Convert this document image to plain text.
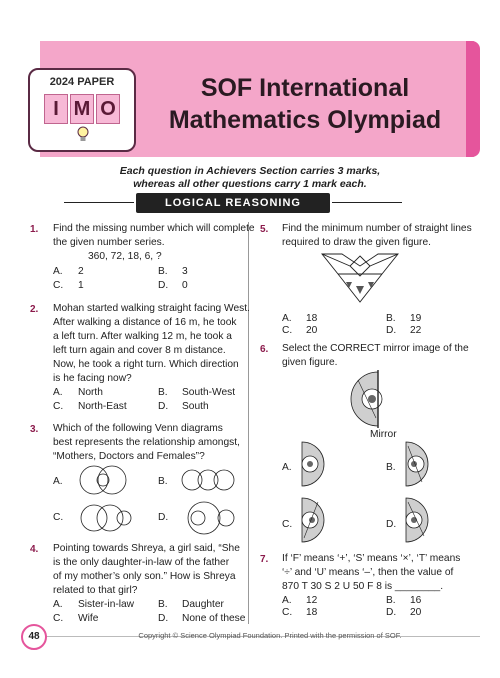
2024 PAPER
I M O
SOF International
Mathematics Olympiad
Each question in Achievers Section carries 3 marks,
whereas all other questions carry 1 mark each.
LOGICAL REASONING
1. Find the missing number which will complete
the given number series.
360, 72, 18, 6, ?
A. 2	B. 3
C. 1	D. 0
2. Mohan started walking straight facing West.
After walking a distance of 16 m, he took
a left turn. After walking 12 m, he took a
left turn again and cover 8 m distance.
Now, he took a right turn. Which direction
is he facing now?
A. North	B. South-West
C. North-East	D. South
3. Which of the following Venn diagrams
best represents the relationship amongst,
“Mothers, Doctors and Females”?
A.	B.
C.	D.
4. Pointing towards Shreya, a girl said, “She
is the only daughter-in-law of the father
of my mother’s only son.” How is Shreya
related to that girl?
A. Sister-in-law B. Daughter
C. Wife	D. None of these
5. Find the minimum number of straight lines
required to draw the given figure.
A. 18	B. 19
C. 20	D. 22
6. Select the CORRECT mirror image of the
given figure.
Mirror
A.	B.
C.	D.
7. If ‘F’ means ‘+’, ‘S’ means ‘×’, ‘T’ means
‘÷’ and ‘U’ means ‘–’, then the value of
870 T 30 S 2 U 50 F 8 is ________.
A. 12	B. 16
C. 18	D. 20
48	Copyright © Science Olympiad Foundation. Printed with the permission of SOF.
